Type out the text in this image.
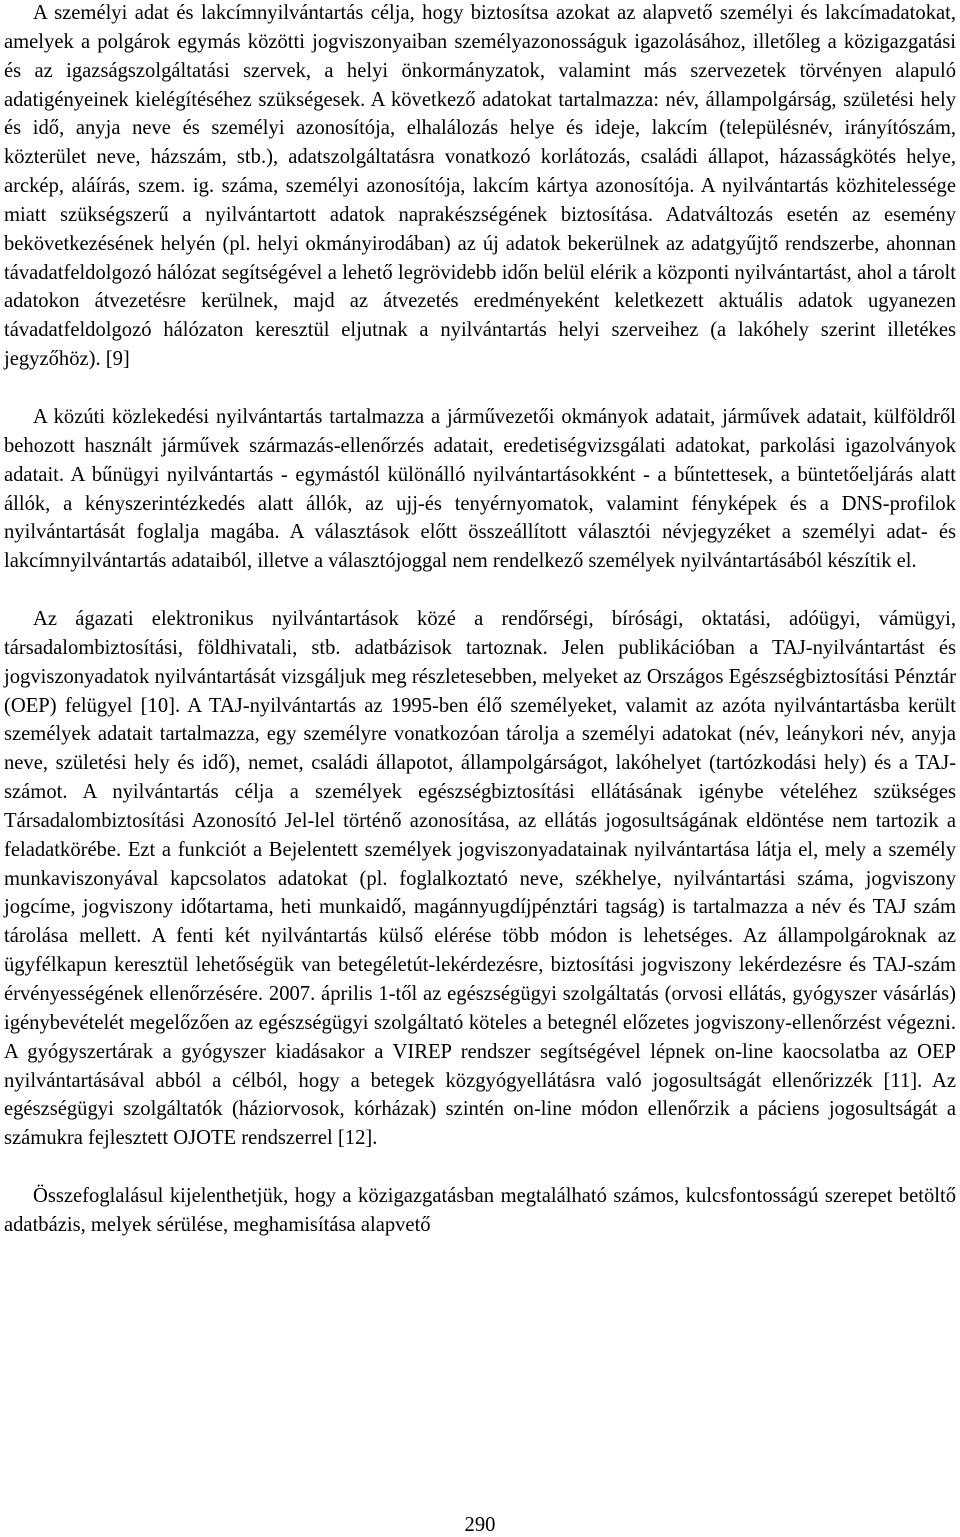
A személyi adat és lakcímnyilvántartás célja, hogy biztosítsa azokat az alapvető személyi és lakcímadatokat, amelyek a polgárok egymás közötti jogviszonyaiban személyazonosságuk igazolásához, illetőleg a közigazgatási és az igazságszolgáltatási szervek, a helyi önkormányzatok, valamint más szervezetek törvényen alapuló adatigényeinek kielégítéséhez szükségesek. A következő adatokat tartalmazza: név, állampolgárság, születési hely és idő, anyja neve és személyi azonosítója, elhalálozás helye és ideje, lakcím (településnév, irányítószám, közterület neve, házszám, stb.), adatszolgáltatásra vonatkozó korlátozás, családi állapot, házasságkötés helye, arckép, aláírás, szem. ig. száma, személyi azonosítója, lakcím kártya azonosítója. A nyilvántartás közhitelessége miatt szükségszerű a nyilvántartott adatok naprakészségének biztosítása. Adatváltozás esetén az esemény bekövetkezésének helyén (pl. helyi okmányirodában) az új adatok bekerülnek az adatgyűjtő rendszerbe, ahonnan távadatfeldolgozó hálózat segítségével a lehető legrövidebb időn belül elérik a központi nyilvántartást, ahol a tárolt adatokon átvezetésre kerülnek, majd az átvezetés eredményeként keletkezett aktuális adatok ugyanezen távadatfeldolgozó hálózaton keresztül eljutnak a nyilvántartás helyi szerveihez (a lakóhely szerint illetékes jegyzőhöz). [9]

A közúti közlekedési nyilvántartás tartalmazza a járművezetői okmányok adatait, járművek adatait, külföldről behozott használt járművek származás-ellenőrzés adatait, eredetiségvizsgálati adatokat, parkolási igazolványok adatait. A bűnügyi nyilvántartás - egymástól különálló nyilvántartásokként - a bűntettesek, a büntetőeljárás alatt állók, a kényszerintézkedés alatt állók, az ujj-és tenyérnyomatok, valamint fényképek és a DNS-profilok nyilvántartását foglalja magába. A választások előtt összeállított választói névjegyzéket a személyi adat- és lakcímnyilvántartás adataiból, illetve a választójoggal nem rendelkező személyek nyilvántartásából készítik el.

Az ágazati elektronikus nyilvántartások közé a rendőrségi, bírósági, oktatási, adóügyi, vámügyi, társadalombiztosítási, földhivatali, stb. adatbázisok tartoznak. Jelen publikációban a TAJ-nyilvántartást és jogviszonyadatok nyilvántartását vizsgáljuk meg részletesebben, melyeket az Országos Egészségbiztosítási Pénztár (OEP) felügyel [10]. A TAJ-nyilvántartás az 1995-ben élő személyeket, valamit az azóta nyilvántartásba került személyek adatait tartalmazza, egy személyre vonatkozóan tárolja a személyi adatokat (név, leánykori név, anyja neve, születési hely és idő), nemet, családi állapotot, állampolgárságot, lakóhelyet (tartózkodási hely) és a TAJ-számot. A nyilvántartás célja a személyek egészségbiztosítási ellátásának igénybe vételéhez szükséges Társadalombiztosítási Azonosító Jel-lel történő azonosítása, az ellátás jogosultságának eldöntése nem tartozik a feladatkörébe. Ezt a funkciót a Bejelentett személyek jogviszonyadatainak nyilvántartása látja el, mely a személy munkaviszonyával kapcsolatos adatokat (pl. foglalkoztató neve, székhelye, nyilvántartási száma, jogviszony jogcíme, jogviszony időtartama, heti munkaidő, magánnyugdíjpénztári tagság) is tartalmazza a név és TAJ szám tárolása mellett. A fenti két nyilvántartás külső elérése több módon is lehetséges. Az állampolgároknak az ügyfélkapun keresztül lehetőségük van betegéletút-lekérdezésre, biztosítási jogviszony lekérdezésre és TAJ-szám érvényességének ellenőrzésére. 2007. április 1-től az egészségügyi szolgáltatás (orvosi ellátás, gyógyszer vásárlás) igénybevételét megelőzően az egészségügyi szolgáltató köteles a betegnél előzetes jogviszony-ellenőrzést végezni. A gyógyszertárak a gyógyszer kiadásakor a VIREP rendszer segítségével lépnek on-line kaocsolatba az OEP nyilvántartásával abból a célból, hogy a betegek közgyógyellátásra való jogosultságát ellenőrizzék [11]. Az egészségügyi szolgáltatók (háziorvosok, kórházak) szintén on-line módon ellenőrzik a páciens jogosultságát a számukra fejlesztett OJOTE rendszerrel [12].

Összefoglalásul kijelenthetjük, hogy a közigazgatásban megtalálható számos, kulcsfontosságú szerepet betöltő adatbázis, melyek sérülése, meghamisítása alapvető

290
